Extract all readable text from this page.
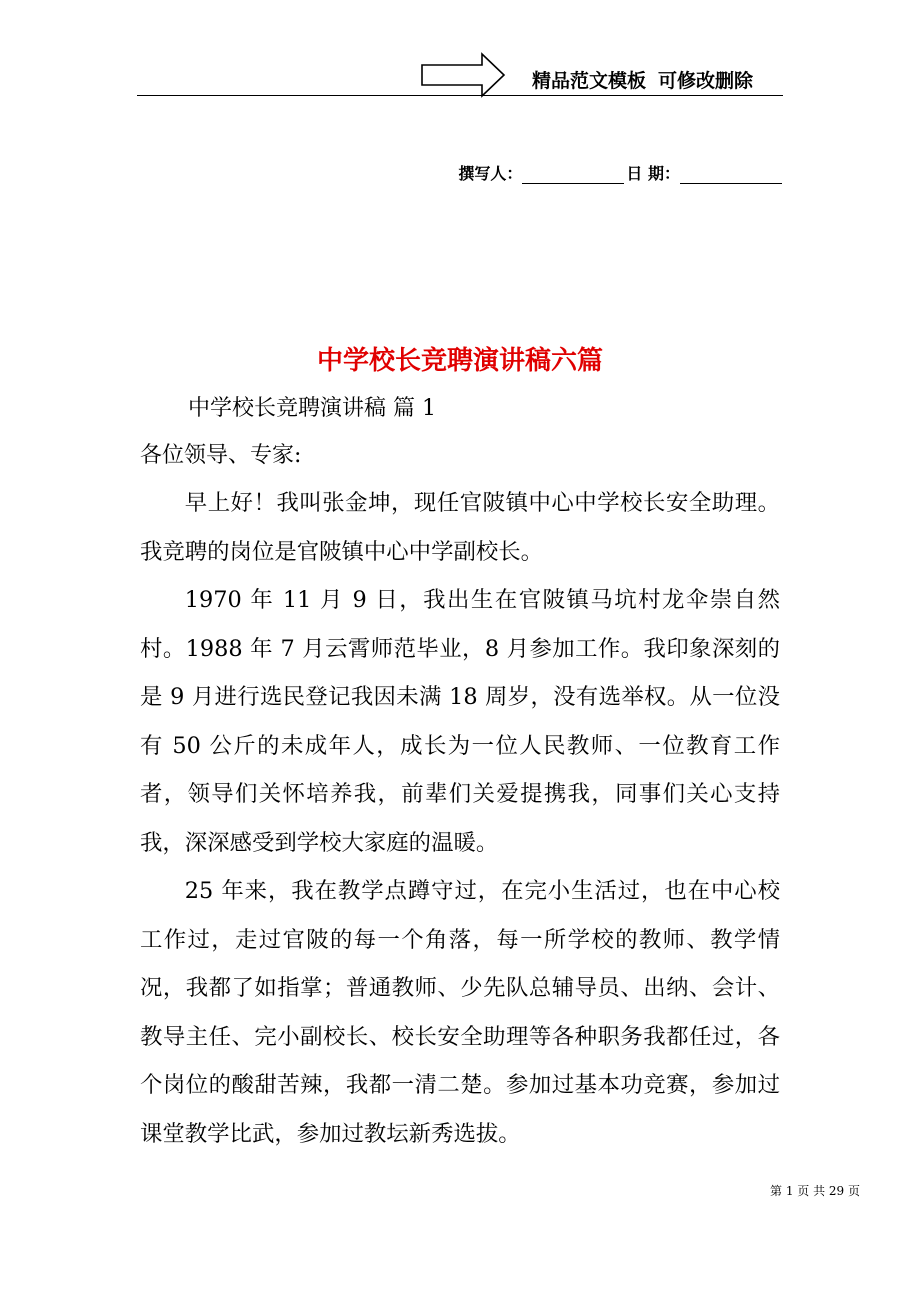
精品范文模板 可修改删除
撰写人：	日 期：
中学校长竞聘演讲稿六篇
中学校长竞聘演讲稿 篇 1
各位领导、专家:

早上好！我叫张金坤，现任官陂镇中心中学校长安全助理。我竞聘的岗位是官陂镇中心中学副校长。

1970 年 11 月 9 日，我出生在官陂镇马坑村龙伞崇自然村。1988 年 7 月云霄师范毕业，8 月参加工作。我印象深刻的是 9 月进行选民登记我因未满 18 周岁，没有选举权。从一位没有 50 公斤的未成年人，成长为一位人民教师、一位教育工作者，领导们关怀培养我，前辈们关爱提携我，同事们关心支持我，深深感受到学校大家庭的温暖。

25 年来，我在教学点蹲守过，在完小生活过，也在中心校工作过，走过官陂的每一个角落，每一所学校的教师、教学情况，我都了如指掌；普通教师、少先队总辅导员、出纳、会计、教导主任、完小副校长、校长安全助理等各种职务我都任过，各个岗位的酸甜苦辣，我都一清二楚。参加过基本功竞赛，参加过课堂教学比武，参加过教坛新秀选拔。

第 1 页 共 29 页
